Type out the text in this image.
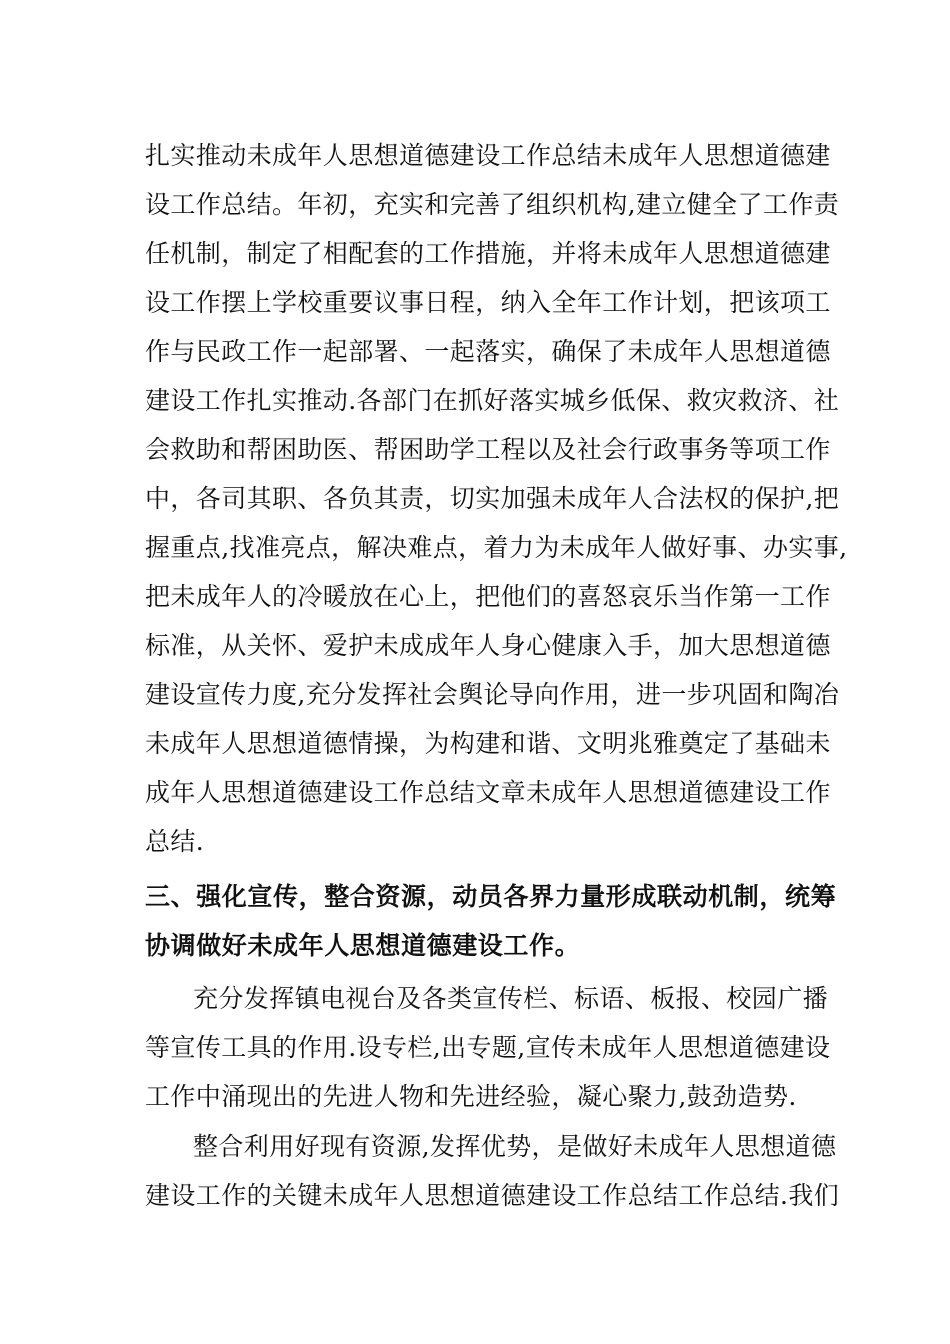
扎实推动未成年人思想道德建设工作总结未成年人思想道德建
设工作总结。年初，充实和完善了组织机构,建立健全了工作责
任机制，制定了相配套的工作措施，并将未成年人思想道德建
设工作摆上学校重要议事日程，纳入全年工作计划，把该项工
作与民政工作一起部署、一起落实，确保了未成年人思想道德
建设工作扎实推动.各部门在抓好落实城乡低保、救灾救济、社
会救助和帮困助医、帮困助学工程以及社会行政事务等项工作
中，各司其职、各负其责，切实加强未成年人合法权的保护,把
握重点,找准亮点，解决难点，着力为未成年人做好事、办实事,
把未成年人的冷暖放在心上，把他们的喜怒哀乐当作第一工作
标准，从关怀、爱护未成成年人身心健康入手，加大思想道德
建设宣传力度,充分发挥社会舆论导向作用，进一步巩固和陶冶
未成年人思想道德情操，为构建和谐、文明兆雅奠定了基础未
成年人思想道德建设工作总结文章未成年人思想道德建设工作
总结.
三、强化宣传，整合资源，动员各界力量形成联动机制，统筹
协调做好未成年人思想道德建设工作。
充分发挥镇电视台及各类宣传栏、标语、板报、校园广播
等宣传工具的作用.设专栏,出专题,宣传未成年人思想道德建设
工作中涌现出的先进人物和先进经验，凝心聚力,鼓劲造势.
整合利用好现有资源,发挥优势，是做好未成年人思想道德
建设工作的关键未成年人思想道德建设工作总结工作总结.我们
